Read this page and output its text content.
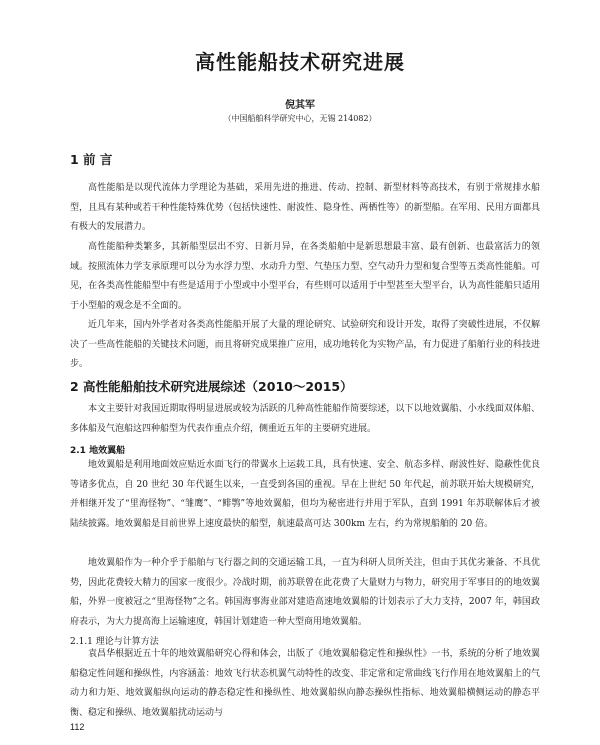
高性能船技术研究进展
倪其军
（中国船舶科学研究中心，无锡 214082）
1 前 言

高性能船是以现代流体力学理论为基础，采用先进的推进、传动、控制、新型材料等高技术，有别于常规排水船型，且具有某种或若干种性能特殊优势（包括快速性、耐波性、隐身性、两栖性等）的新型船。在军用、民用方面都具有极大的发展潜力。

高性能船种类繁多，其新船型层出不穷、日新月异，在各类船舶中是新思想最丰富、最有创新、也最富活力的领域。按照流体力学支承原理可以分为水浮力型、水动升力型、气垫压力型、空气动升力型和复合型等五类高性能船。可见，在各类高性能船型中有些是适用于小型或中小型平台，有些则可以适用于中型甚至大型平台，认为高性能船只适用于小型船的观念是不全面的。

近几年来，国内外学者对各类高性能船开展了大量的理论研究、试验研究和设计开发，取得了突破性进展，不仅解决了一些高性能船的关键技术问题，而且将研究成果推广应用，成功地转化为实物产品，有力促进了船舶行业的科技进步。

2 高性能船舶技术研究进展综述（2010～2015）

本文主要针对我国近期取得明显进展或较为活跃的几种高性能船作简要综述，以下以地效翼船、小水线面双体船、多体船及气泡船这四种船型为代表作重点介绍，侧重近五年的主要研究进展。

2.1 地效翼船

地效翼船是利用地面效应贴近水面飞行的带翼水上运载工具，具有快速、安全、航态多样、耐波性好、隐蔽性优良等诸多优点，自 20 世纪 30 年代诞生以来，一直受到各国的重视。早在上世纪 50 年代起，前苏联开始大规模研究，并相继开发了“里海怪物”、“雏鹰”、“鲱鹗”等地效翼船，但均为秘密进行并用于军队，直到 1991 年苏联解体后才被陆续披露。地效翼船是目前世界上速度最快的船型，航速最高可达 300km 左右，约为常规船舶的 20 倍。

地效翼船作为一种介乎于船舶与飞行器之间的交通运输工具，一直为科研人员所关注，但由于其优劣兼备、不具优势，因此花费较大精力的国家一度很少。冷战时期，前苏联曾在此花费了大量财力与物力，研究用于军事目的的地效翼船，外界一度被冠之“里海怪物”之名。韩国海事海业部对建造高速地效翼船的计划表示了大力支持，2007 年，韩国政府表示，为大力提高海上运输速度，韩国计划建造一种大型商用地效翼船。

2.1.1 理论与计算方法

袁昌华根据近五十年的地效翼船研究心得和体会，出版了《地效翼船稳定性和操纵性》一书，系统的分析了地效翼船稳定性问题和操纵性，内容涵盖：地效飞行状态机翼气动特性的改变、非定常和定常曲线飞行作用在地效翼船上的气动力和力矩、地效翼船纵向运动的静态稳定性和操纵性、地效翼船纵向静态操纵性指标、地效翼船横侧运动的静态平衡、稳定和操纵、地效翼船扰动运动与

112
